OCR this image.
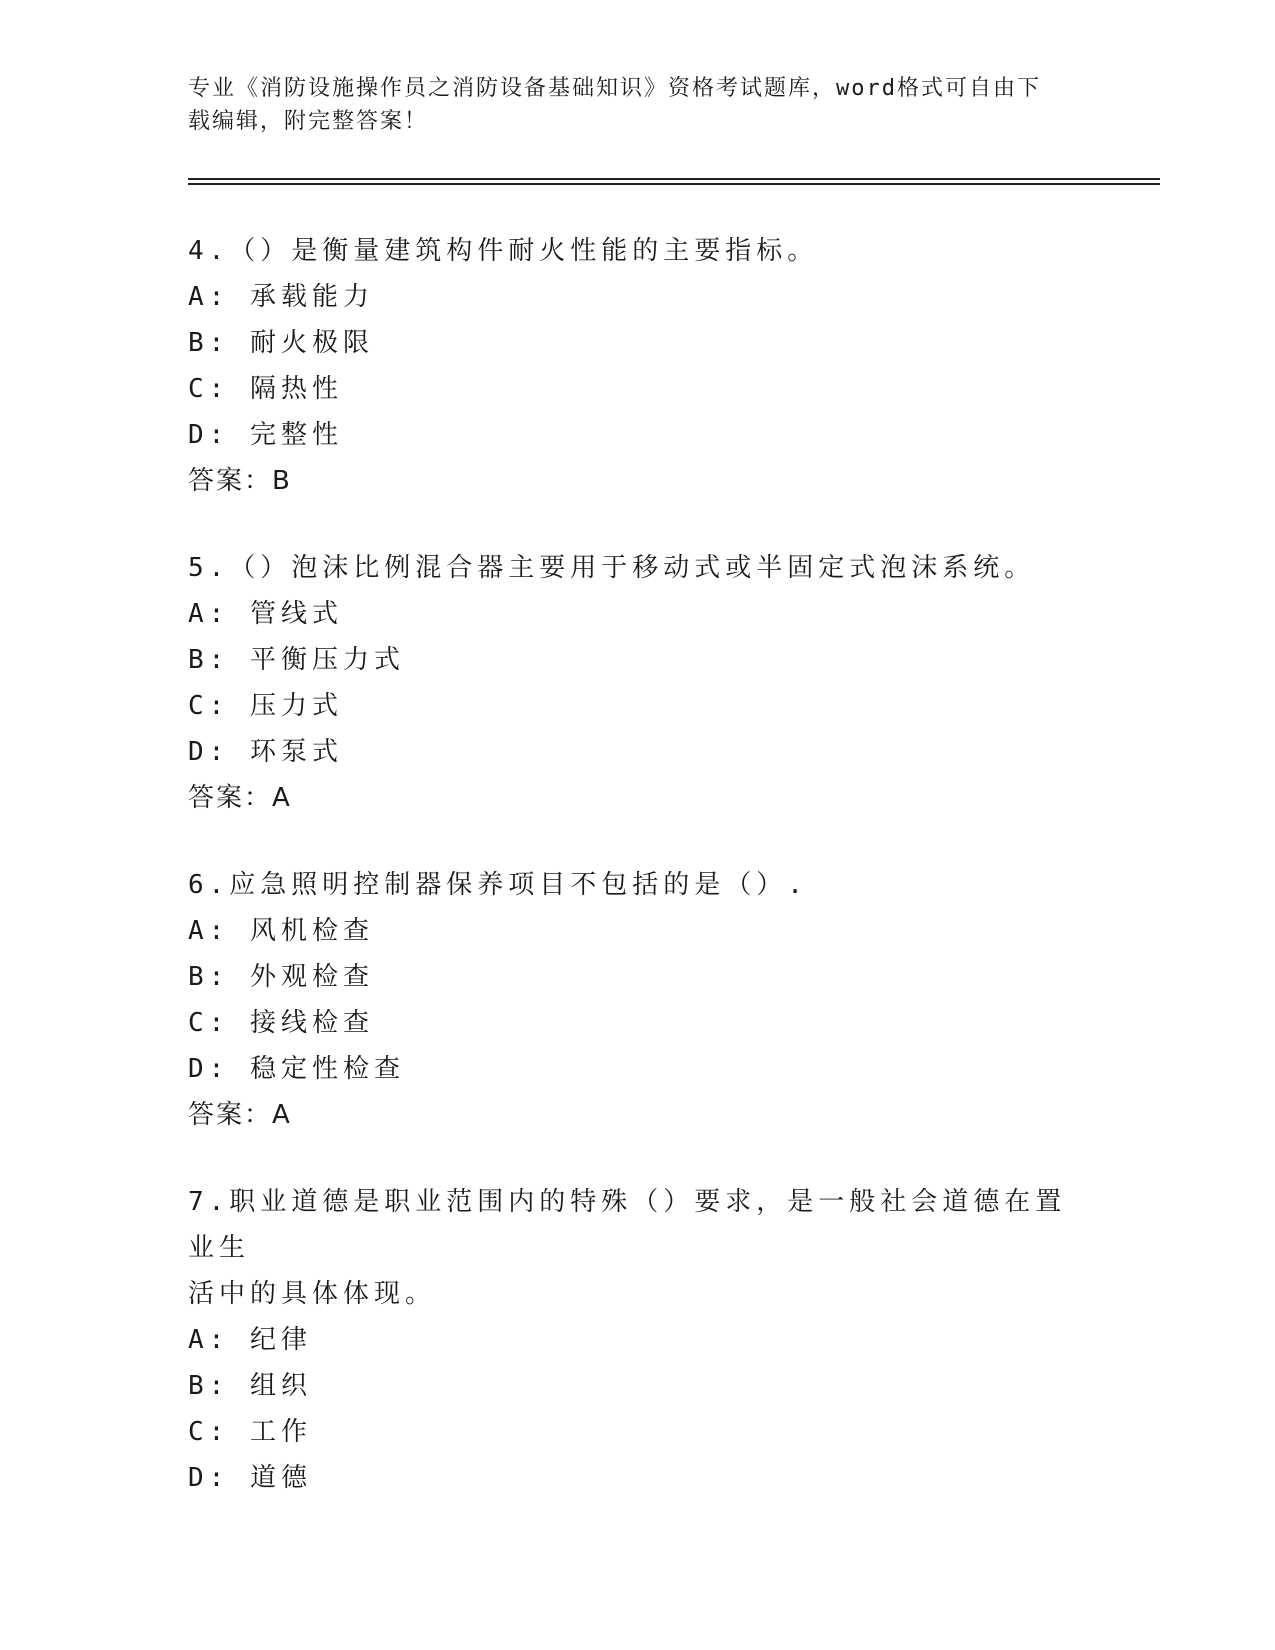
专业《消防设施操作员之消防设备基础知识》资格考试题库，word格式可自由下
载编辑，附完整答案！
4.（）是衡量建筑构件耐火性能的主要指标。
A: 承载能力
B: 耐火极限
C: 隔热性
D: 完整性
答案：B
5.（）泡沫比例混合器主要用于移动式或半固定式泡沫系统。
A: 管线式
B: 平衡压力式
C: 压力式
D: 环泵式
答案：A
6.应急照明控制器保养项目不包括的是（）.
A: 风机检查
B: 外观检查
C: 接线检查
D: 稳定性检查
答案：A
7.职业道德是职业范围内的特殊（）要求，是一般社会道德在置业生
活中的具体体现。
A: 纪律
B: 组织
C: 工作
D: 道德
